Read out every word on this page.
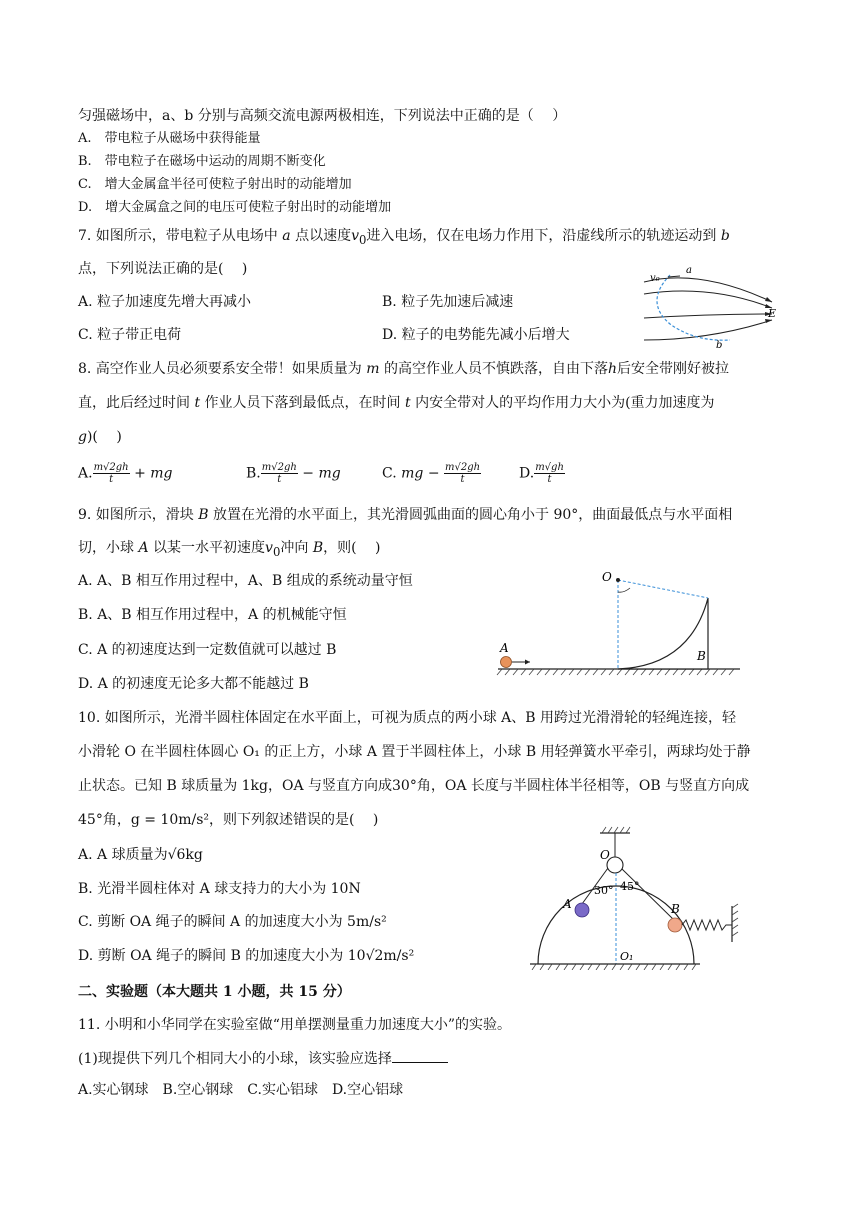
匀强磁场中，a、b 分别与高频交流电源两极相连，下列说法中正确的是（　 ）
A.　带电粒子从磁场中获得能量
B.　带电粒子在磁场中运动的周期不断变化
C.　增大金属盒半径可使粒子射出时的动能增加
D.　增大金属盒之间的电压可使粒子射出时的动能增加
7. 如图所示，带电粒子从电场中 a 点以速度$v_0$进入电场，仅在电场力作用下，沿虚线所示的轨迹运动到 b
点，下列说法正确的是(　 )
A. 粒子加速度先增大再减小	B. 粒子先加速后减速
C. 粒子带正电荷	D. 粒子的电势能先减小后增大
v₀
a
E
b
8. 高空作业人员必须要系安全带！如果质量为 m 的高空作业人员不慎跌落，自由下落h后安全带刚好被拉
直，此后经过时间 t 作业人员下落到最低点，在时间 t 内安全带对人的平均作用力大小为(重力加速度为
g)(　 )
A. $\frac{m√2gh}{t}$ + mg	B. $\frac{m√2gh}{t}$ − mg	C. mg − $\frac{m√2gh}{t}$	D. $\frac{m√gh}{t}$
9. 如图所示，滑块 B 放置在光滑的水平面上，其光滑圆弧曲面的圆心角小于 90°，曲面最低点与水平面相
切，小球 A 以某一水平初速度$v_0$冲向 B，则(　 )
A. A、B 相互作用过程中，A、B 组成的系统动量守恒
B. A、B 相互作用过程中，A 的机械能守恒
C. A 的初速度达到一定数值就可以越过 B
D. A 的初速度无论多大都不能越过 B
O
A
B
10. 如图所示，光滑半圆柱体固定在水平面上，可视为质点的两小球 A、B 用跨过光滑滑轮的轻绳连接，轻
小滑轮 O 在半圆柱体圆心 O₁ 的正上方，小球 A 置于半圆柱体上，小球 B 用轻弹簧水平牵引，两球均处于静
止状态。已知 B 球质量为 1kg，OA 与竖直方向成30°角，OA 长度与半圆柱体半径相等，OB 与竖直方向成
45°角，g = 10m/s²，则下列叙述错误的是(　 )
A. A 球质量为√6kg
B. 光滑半圆柱体对 A 球支持力的大小为 10N
C. 剪断 OA 绳子的瞬间 A 的加速度大小为 5m/s²
D. 剪断 OA 绳子的瞬间 B 的加速度大小为 10√2m/s²
O
30° 45°
A	B
O₁
二、实验题（本大题共 1 小题，共 15 分）
11. 小明和小华同学在实验室做“用单摆测量重力加速度大小”的实验。
(1)现提供下列几个相同大小的小球，该实验应选择
A.实心钢球　B.空心钢球　C.实心铝球　D.空心铝球
